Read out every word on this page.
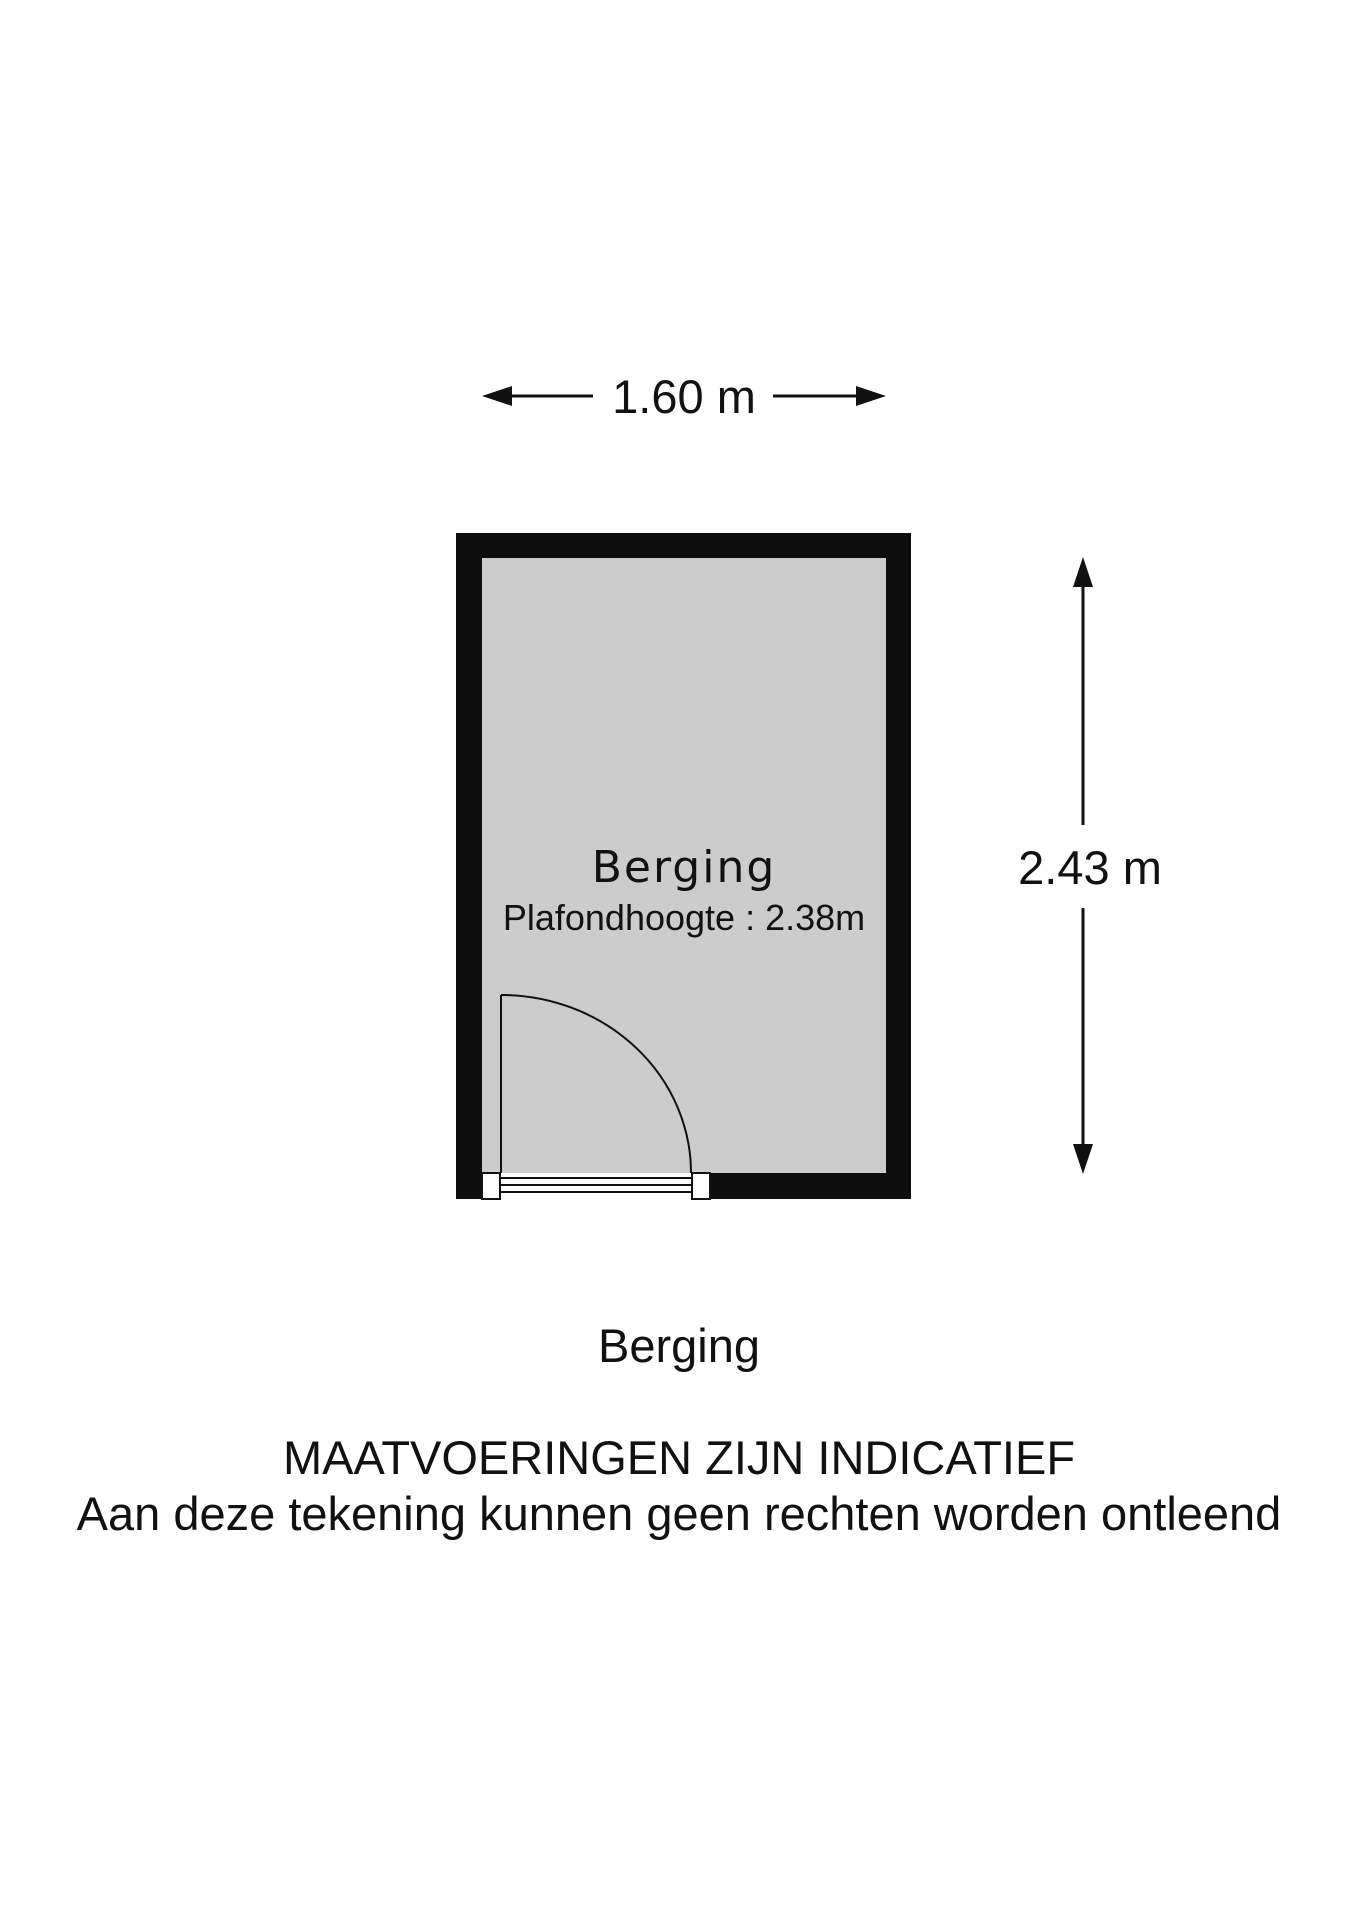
1.60 m
2.43 m
Berging
Plafondhoogte : 2.38m
Berging
MAATVOERINGEN ZIJN INDICATIEF
Aan deze tekening kunnen geen rechten worden ontleend
